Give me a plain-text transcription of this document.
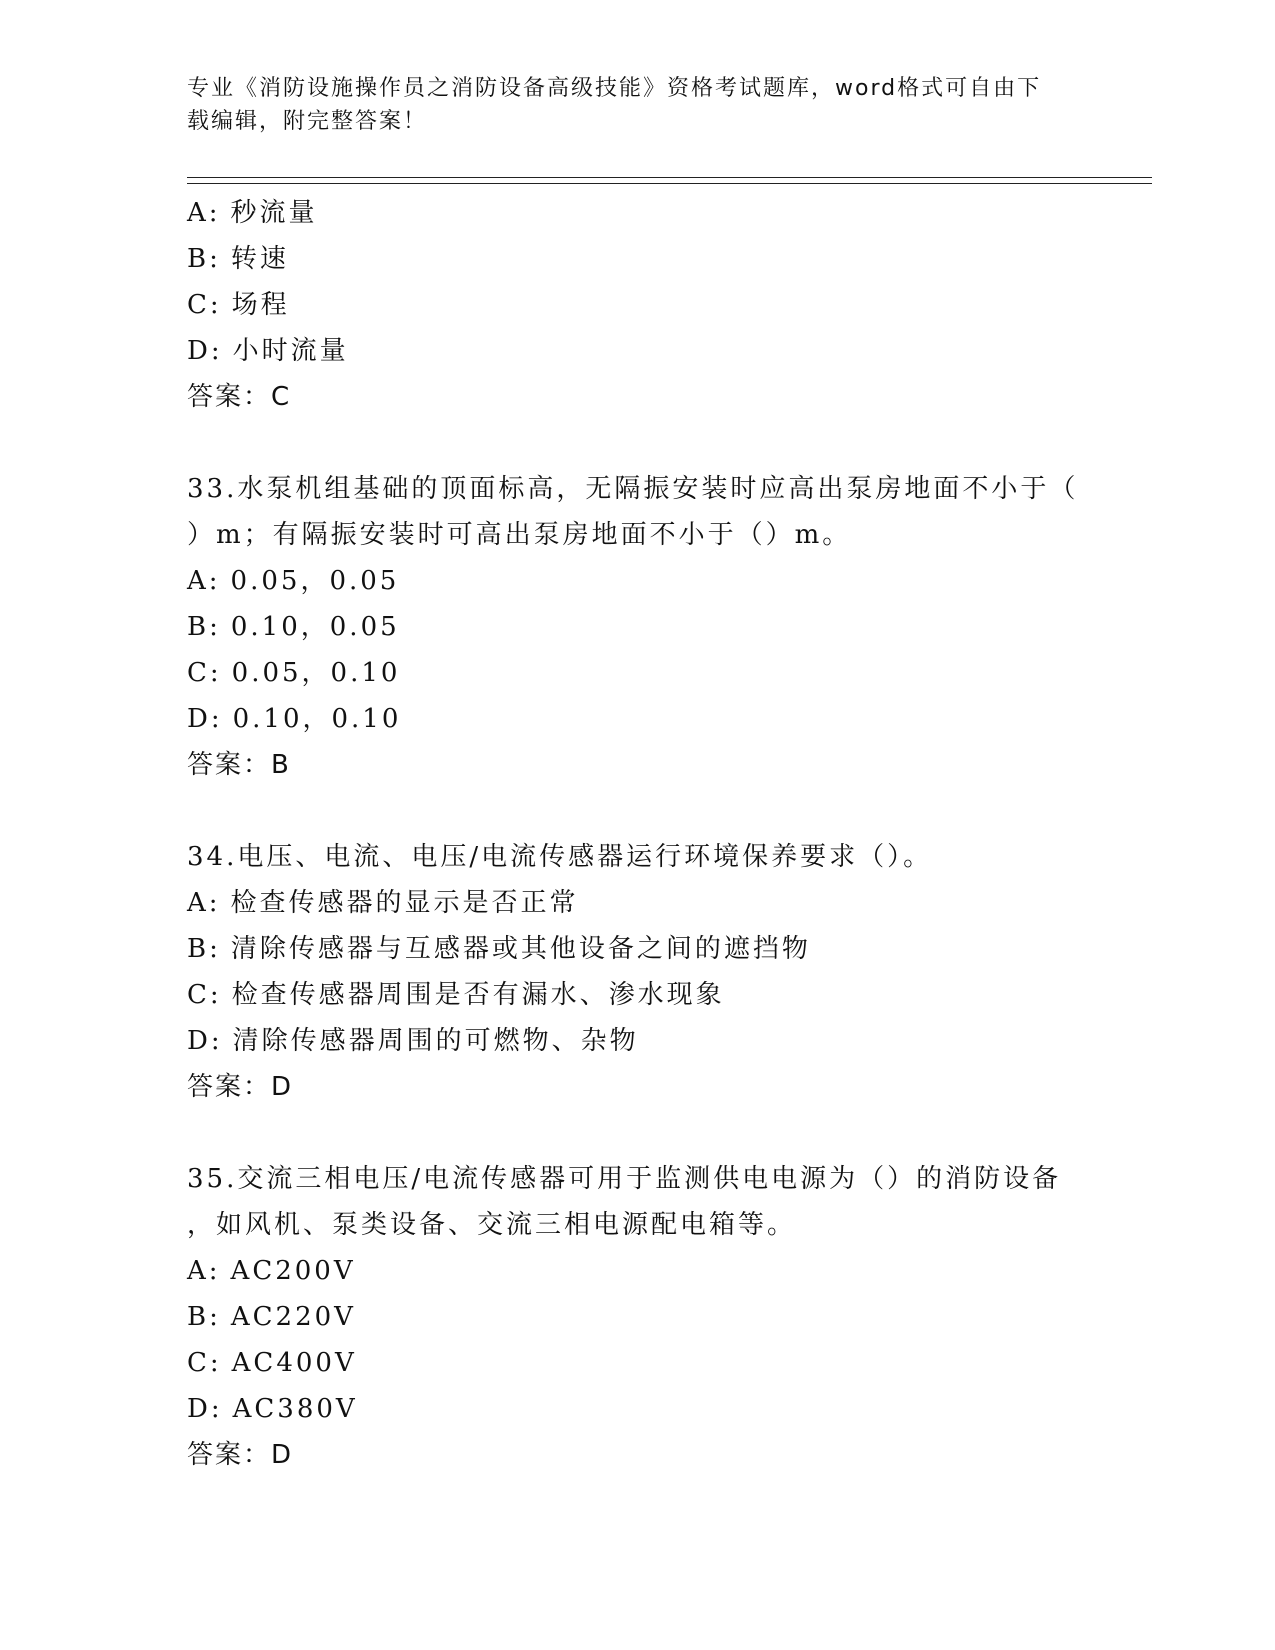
专业《消防设施操作员之消防设备高级技能》资格考试题库，word格式可自由下
载编辑，附完整答案！
A: 秒流量
B: 转速
C: 场程
D: 小时流量
答案：C
33.水泵机组基础的顶面标高，无隔振安装时应高出泵房地面不小于（
）m；有隔振安装时可高出泵房地面不小于（）m。
A: 0.05，0.05
B: 0.10，0.05
C: 0.05，0.10
D: 0.10，0.10
答案：B
34.电压、电流、电压/电流传感器运行环境保养要求（）。
A: 检查传感器的显示是否正常
B: 清除传感器与互感器或其他设备之间的遮挡物
C: 检查传感器周围是否有漏水、渗水现象
D: 清除传感器周围的可燃物、杂物
答案：D
35.交流三相电压/电流传感器可用于监测供电电源为（）的消防设备
，如风机、泵类设备、交流三相电源配电箱等。
A: AC200V
B: AC220V
C: AC400V
D: AC380V
答案：D
